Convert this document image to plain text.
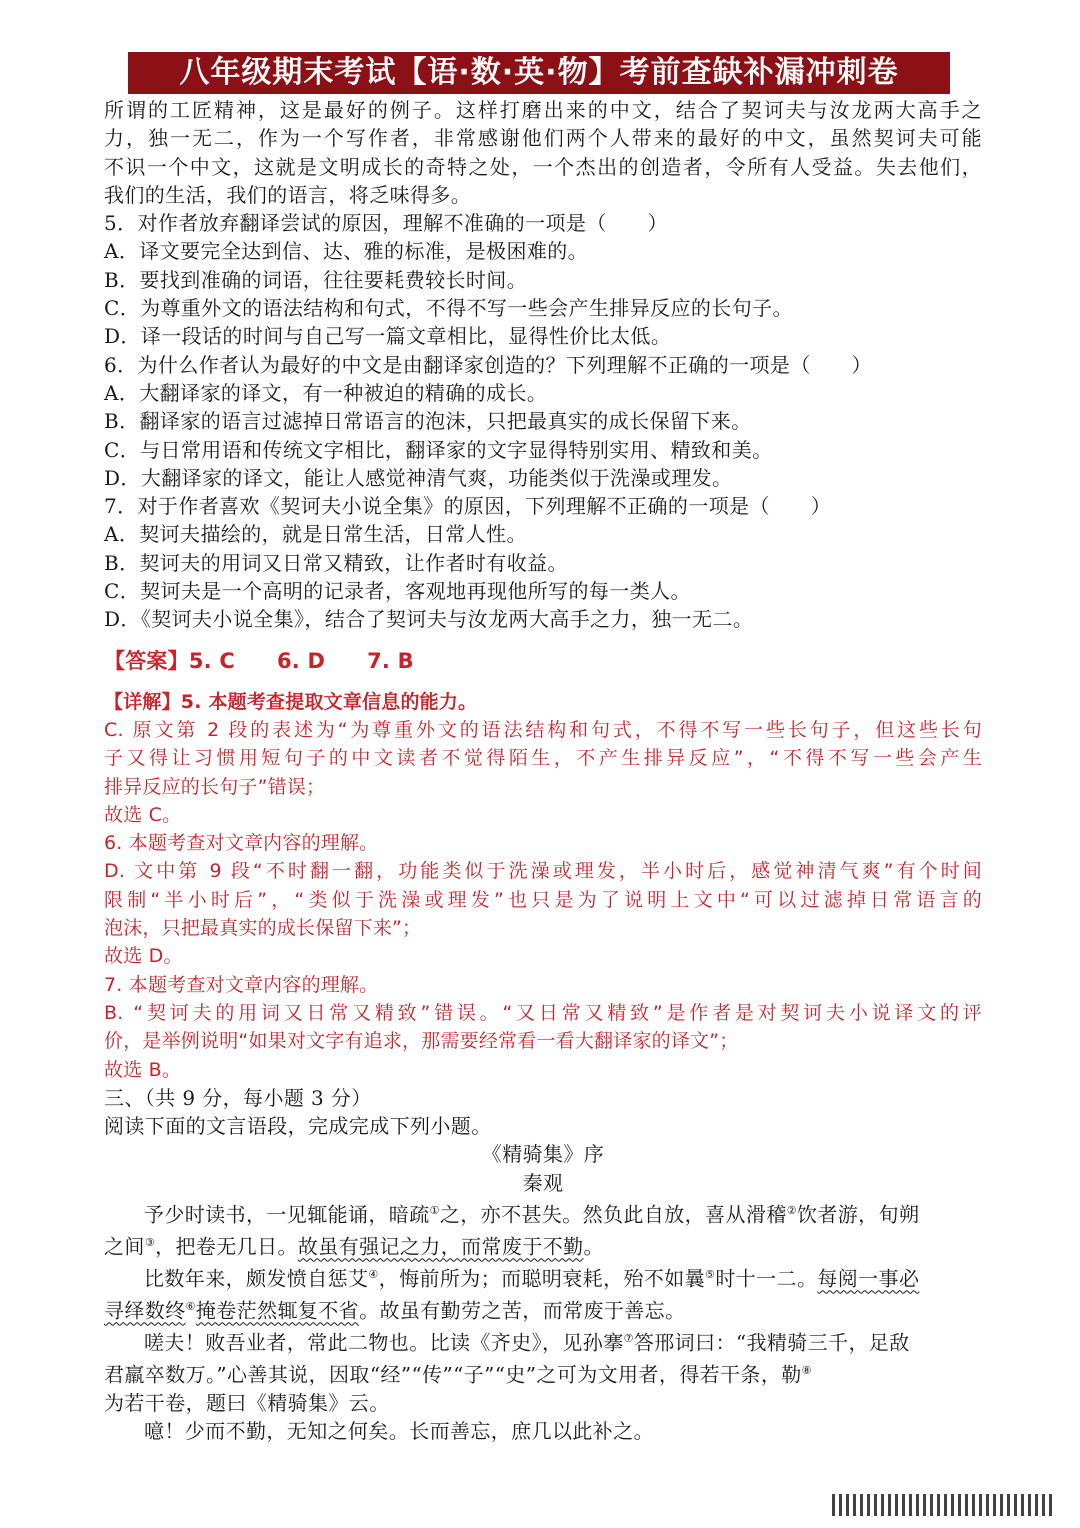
八年级期末考试【语·数·英·物】考前查缺补漏冲刺卷
所谓的工匠精神，这是最好的例子。这样打磨出来的中文，结合了契诃夫与汝龙两大高手之
力，独一无二，作为一个写作者，非常感谢他们两个人带来的最好的中文，虽然契诃夫可能
不识一个中文，这就是文明成长的奇特之处，一个杰出的创造者，令所有人受益。失去他们，
我们的生活，我们的语言，将乏味得多。
5．对作者放弃翻译尝试的原因，理解不准确的一项是（　　）
A．译文要完全达到信、达、雅的标准，是极困难的。
B．要找到准确的词语，往往要耗费较长时间。
C．为尊重外文的语法结构和句式，不得不写一些会产生排异反应的长句子。
D．译一段话的时间与自己写一篇文章相比，显得性价比太低。
6．为什么作者认为最好的中文是由翻译家创造的？下列理解不正确的一项是（　　）
A．大翻译家的译文，有一种被迫的精确的成长。
B．翻译家的语言过滤掉日常语言的泡沫，只把最真实的成长保留下来。
C．与日常用语和传统文字相比，翻译家的文字显得特别实用、精致和美。
D．大翻译家的译文，能让人感觉神清气爽，功能类似于洗澡或理发。
7．对于作者喜欢《契诃夫小说全集》的原因，下列理解不正确的一项是（　　）
A．契诃夫描绘的，就是日常生活，日常人性。
B．契诃夫的用词又日常又精致，让作者时有收益。
C．契诃夫是一个高明的记录者，客观地再现他所写的每一类人。
D．《契诃夫小说全集》，结合了契诃夫与汝龙两大高手之力，独一无二。
【答案】5. C 6. D 7. B
【详解】5. 本题考查提取文章信息的能力。
C. 原文第 2 段的表述为“为尊重外文的语法结构和句式，不得不写一些长句子，但这些长句
子又得让习惯用短句子的中文读者不觉得陌生，不产生排异反应”，“不得不写一些会产生
排异反应的长句子”错误；
故选 C。
6. 本题考查对文章内容的理解。
D. 文中第 9 段“不时翻一翻，功能类似于洗澡或理发，半小时后，感觉神清气爽”有个时间
限制“半小时后”，“类似于洗澡或理发”也只是为了说明上文中“可以过滤掉日常语言的
泡沫，只把最真实的成长保留下来”；
故选 D。
7. 本题考查对文章内容的理解。
B. “契诃夫的用词又日常又精致”错误。“又日常又精致”是作者是对契诃夫小说译文的评
价，是举例说明“如果对文字有追求，那需要经常看一看大翻译家的译文”；
故选 B。
三、（共 9 分，每小题 3 分）
阅读下面的文言语段，完成完成下列小题。
《精骑集》序
秦观
予少时读书，一见辄能诵，暗疏①之，亦不甚失。然负此自放，喜从滑稽②饮者游，旬朔
之间③，把卷无几日。故虽有强记之力，而常废于不勤。
比数年来，颇发愤自惩艾④，悔前所为；而聪明衰耗，殆不如曩⑤时十一二。每阅一事必
寻绎数终⑥掩卷茫然辄复不省。故虽有勤劳之苦，而常废于善忘。
嗟夫！败吾业者，常此二物也。比读《齐史》，见孙搴⑦答邢词曰：“我精骑三千，足敌
君羸卒数万。”心善其说，因取“经”“传”“子”“史”之可为文用者，得若干条，勒⑧
为若干卷，题曰《精骑集》云。
噫！少而不勤，无知之何矣。长而善忘，庶几以此补之。
